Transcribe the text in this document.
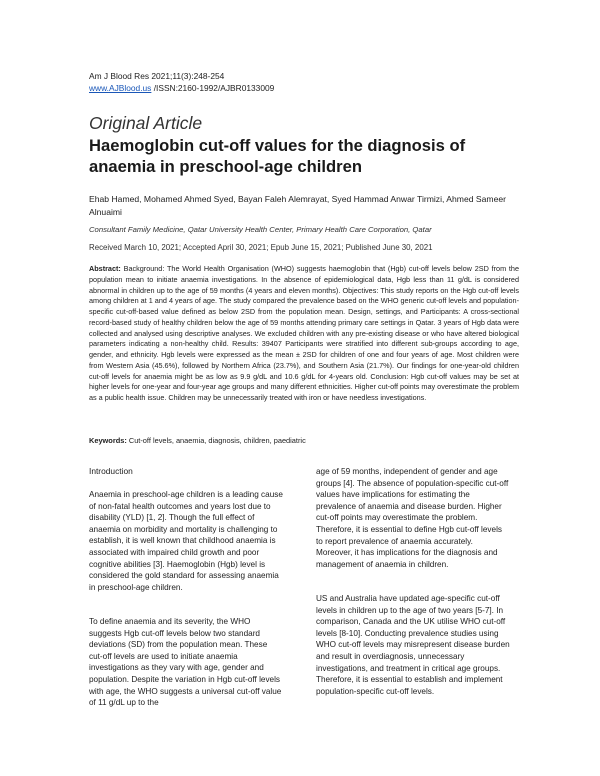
Am J Blood Res 2021;11(3):248-254
www.AJBlood.us /ISSN:2160-1992/AJBR0133009
Original Article
Haemoglobin cut-off values for the diagnosis of anaemia in preschool-age children
Ehab Hamed, Mohamed Ahmed Syed, Bayan Faleh Alemrayat, Syed Hammad Anwar Tirmizi, Ahmed Sameer Alnuaimi
Consultant Family Medicine, Qatar University Health Center, Primary Health Care Corporation, Qatar
Received March 10, 2021; Accepted April 30, 2021; Epub June 15, 2021; Published June 30, 2021

Abstract: Background: The World Health Organisation (WHO) suggests haemoglobin that (Hgb) cut-off levels below 2SD from the population mean to initiate anaemia investigations. In the absence of epidemiological data, Hgb less than 11 g/dL is considered abnormal in children up to the age of 59 months (4 years and eleven months). Objectives: This study reports on the Hgb cut-off levels among children at 1 and 4 years of age. The study compared the prevalence based on the WHO generic cut-off levels and population-specific cut-off-based value defined as below 2SD from the population mean. Design, settings, and Participants: A cross-sectional record-based study of healthy children below the age of 59 months attending primary care settings in Qatar. 3 years of Hgb data were collected and analysed using descriptive analyses. We excluded children with any pre-existing disease or who have altered biological parameters indicating a non-healthy child. Results: 39407 Participants were stratified into different sub-groups according to age, gender, and ethnicity. Hgb levels were expressed as the mean ± 2SD for children of one and four years of age. Most children were from Western Asia (45.6%), followed by Northern Africa (23.7%), and Southern Asia (21.7%). Our findings for one-year-old children cut-off levels for anaemia might be as low as 9.9 g/dL and 10.6 g/dL for 4-years old. Conclusion: Hgb cut-off values may be set at higher levels for one-year and four-year age groups and many different ethnicities. Higher cut-off points may overestimate the problem as a public health issue. Children may be unnecessarily treated with iron or have needless investigations.

Keywords: Cut-off levels, anaemia, diagnosis, children, paediatric
Introduction

Anaemia in preschool-age children is a leading cause of non-fatal health outcomes and years lost due to disability (YLD) [1, 2]. Though the full effect of anaemia on morbidity and mortality is challenging to establish, it is well known that childhood anaemia is associated with impaired child growth and poor cognitive abilities [3]. Haemoglobin (Hgb) level is considered the gold standard for assessing anaemia in preschool-age children.

To define anaemia and its severity, the WHO suggests Hgb cut-off levels below two standard deviations (SD) from the population mean. These cut-off levels are used to initiate anaemia investigations as they vary with age, gender and population. Despite the variation in Hgb cut-off levels with age, the WHO suggests a universal cut-off value of 11 g/dL up to the

age of 59 months, independent of gender and age groups [4]. The absence of population-specific cut-off values have implications for estimating the prevalence of anaemia and disease burden. Higher cut-off points may overestimate the problem. Therefore, it is essential to define Hgb cut-off levels to report prevalence of anaemia accurately. Moreover, it has implications for the diagnosis and management of anaemia in children.

US and Australia have updated age-specific cut-off levels in children up to the age of two years [5-7]. In comparison, Canada and the UK utilise WHO cut-off levels [8-10]. Conducting prevalence studies using WHO cut-off levels may misrepresent disease burden and result in overdiagnosis, unnecessary investigations, and treatment in critical age groups. Therefore, it is essential to establish and implement population-specific cut-off levels.
